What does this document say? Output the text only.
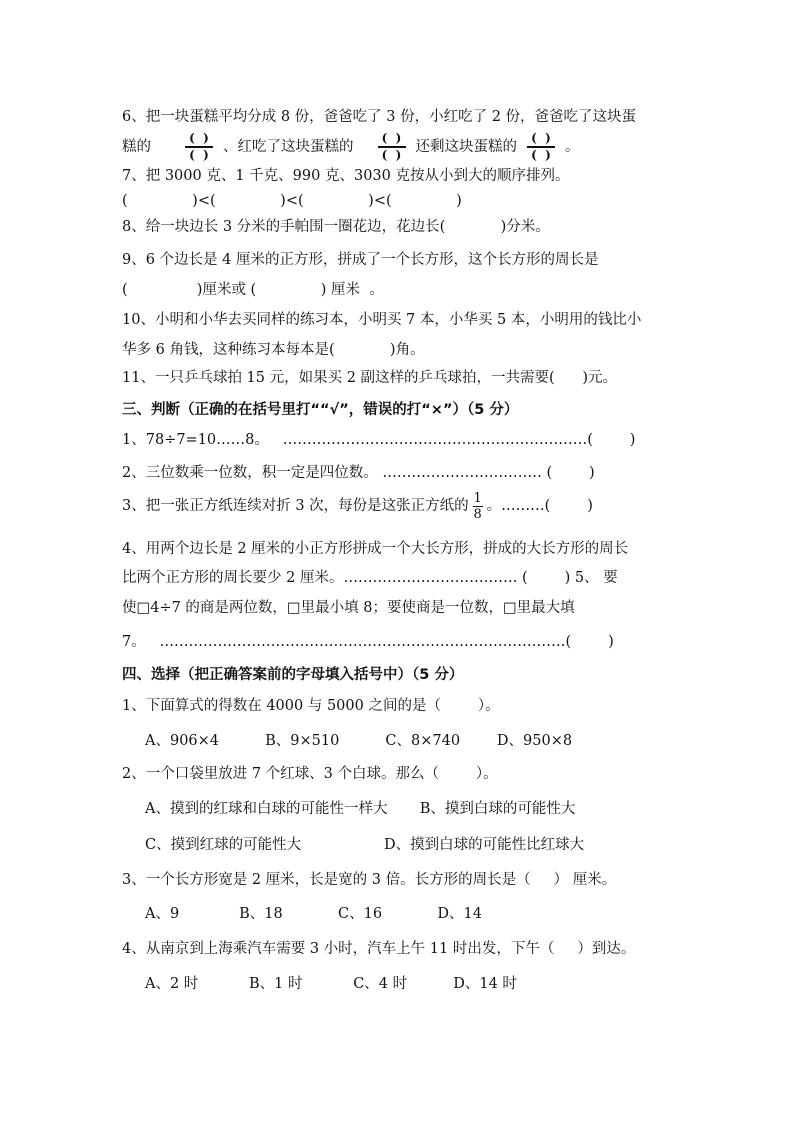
6、把一块蛋糕平均分成 8 份，爸爸吃了 3 份，小红吃了 2 份，爸爸吃了这块蛋
糕的	$\frac{( )}{( )}$ 、红吃了这块蛋糕的 $\frac{( )}{( )}$ 还剩这块蛋糕的 $\frac{( )}{( )}$ 。
7、把 3000 克、1 千克、990 克、3030 克按从小到大的顺序排列。
(              )<(              )<(              )<(              )
8、给一块边长 3 分米的手帕围一圈花边，花边长(            )分米。
9、6 个边长是 4 厘米的正方形，拼成了一个长方形，这个长方形的周长是
(               )厘米或 (              ) 厘米  。
10、小明和小华去买同样的练习本，小明买 7 本，小华买 5 本，小明用的钱比小
华多 6 角钱，这种练习本每本是(            )角。
11、一只乒乓球拍 15 元，如果买 2 副这样的乒乓球拍，一共需要(      )元。
三、判断（正确的在括号里打““√”，错误的打“×”）（5 分）
1、78÷7=10……8。   ………………………………………………………(        )
2、三位数乘一位数，积一定是四位数。 …………………………… (        )
3、把一张正方纸连续对折 3 次，每份是这张正方纸的 1
8 。………(        )
4、用两个边长是 2 厘米的小正方形拼成一个大长方形，拼成的大长方形的周长
比两个正方形的周长要少 2 厘米。……………………………… (        ) 5、 要
使□4÷7 的商是两位数，□里最小填 8；要使商是一位数，□里最大填
7。   …………………………………………………………………………(        )
四、选择（把正确答案前的字母填入括号中）（5 分）
1、下面算式的得数在 4000 与 5000 之间的是（        ）。
A、906×4          B、9×510          C、8×740        D、950×8
2、一个口袋里放进 7 个红球、3 个白球。那么（        ）。
A、摸到的红球和白球的可能性一样大       B、摸到白球的可能性大
C、摸到红球的可能性大                  D、摸到白球的可能性比红球大
3、一个长方形宽是 2 厘米，长是宽的 3 倍。长方形的周长是（     ） 厘米。
A、9             B、18            C、16            D、14
4、从南京到上海乘汽车需要 3 小时，汽车上午 11 时出发，下午（     ）到达。
A、2 时           B、1 时           C、4 时          D、14 时
